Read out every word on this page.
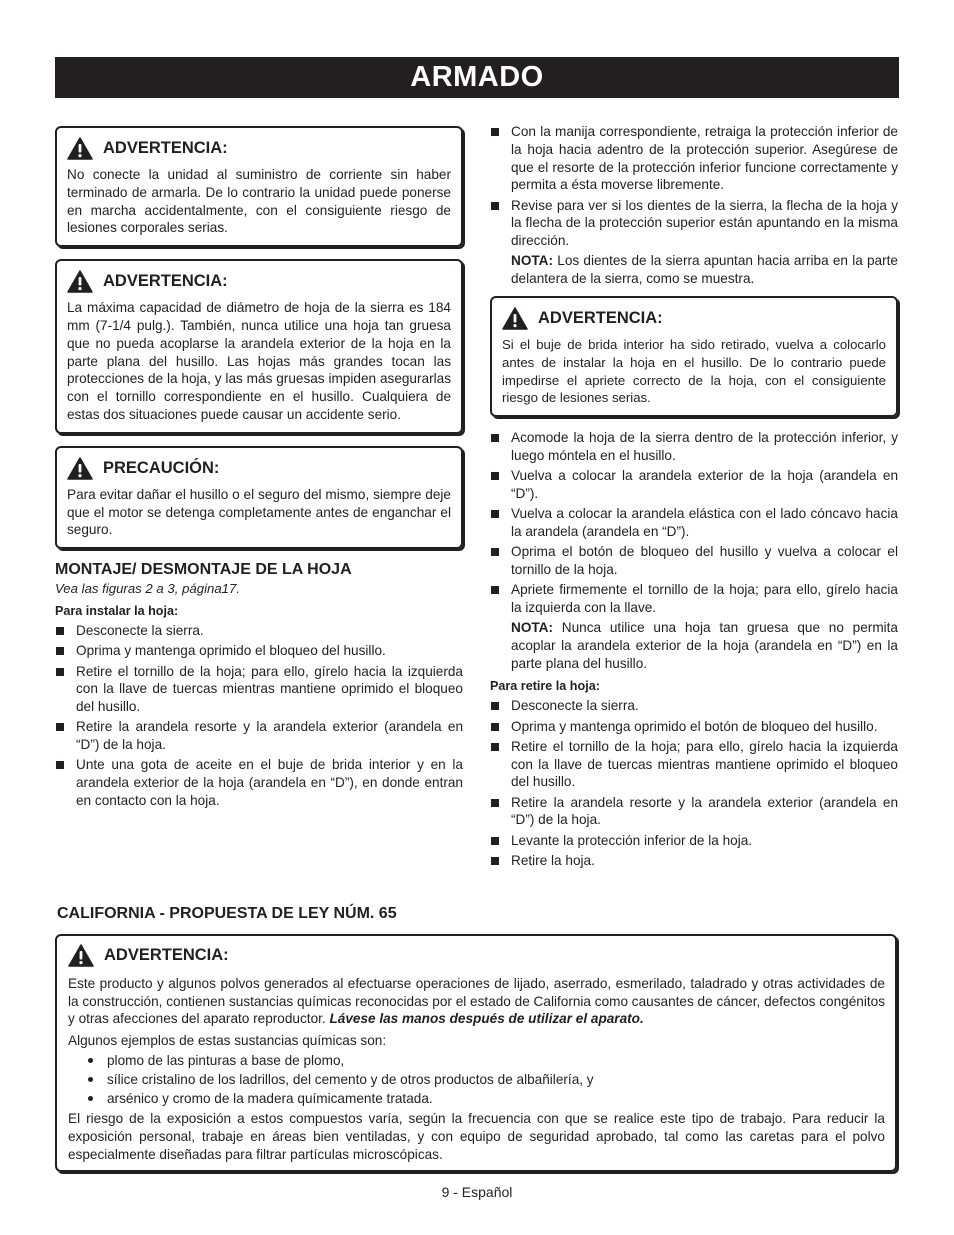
ARMADO
ADVERTENCIA:
No conecte la unidad al suministro de corriente sin haber terminado de armarla. De lo contrario la unidad puede ponerse en marcha accidentalmente, con el consiguiente riesgo de lesiones corporales serias.
ADVERTENCIA:
La máxima capacidad de diámetro de hoja de la sierra es 184 mm (7-1/4 pulg.). También, nunca utilice una hoja tan gruesa que no pueda acoplarse la arandela exterior de la hoja en la parte plana del husillo. Las hojas más grandes tocan las protecciones de la hoja, y las más gruesas impiden asegurarlas con el tornillo correspondiente en el husillo. Cualquiera de estas dos situaciones puede causar un accidente serio.
PRECAUCIÓN:
Para evitar dañar el husillo o el seguro del mismo, siempre deje que el motor se detenga completamente antes de enganchar el seguro.
MONTAJE/ DESMONTAJE DE LA HOJA
Vea las figuras 2 a 3, página17.
Para instalar la hoja:
Desconecte la sierra.
Oprima y mantenga oprimido el bloqueo del husillo.
Retire el tornillo de la hoja; para ello, gírelo hacia la izquierda con la llave de tuercas mientras mantiene oprimido el bloqueo del husillo.
Retire la arandela resorte y la arandela exterior (arandela en “D”) de la hoja.
Unte una gota de aceite en el buje de brida interior y en la arandela exterior de la hoja (arandela en “D”), en donde entran en contacto con la hoja.
Con la manija correspondiente, retraiga la protección inferior de la hoja hacia adentro de la protección superior. Asegúrese de que el resorte de la protección inferior funcione correctamente y permita a ésta moverse libremente.
Revise para ver si los dientes de la sierra, la flecha de la hoja y la flecha de la protección superior están apuntando en la misma dirección.
NOTA: Los dientes de la sierra apuntan hacia arriba en la parte delantera de la sierra, como se muestra.
ADVERTENCIA:
Si el buje de brida interior ha sido retirado, vuelva a colocarlo antes de instalar la hoja en el husillo. De lo contrario puede impedirse el apriete correcto de la hoja, con el consiguiente riesgo de lesiones serias.
Acomode la hoja de la sierra dentro de la protección inferior, y luego móntela en el husillo.
Vuelva a colocar la arandela exterior de la hoja (arandela en “D”).
Vuelva a colocar la arandela elástica con el lado cóncavo hacia la arandela (arandela en “D”).
Oprima el botón de bloqueo del husillo y vuelva a colocar el tornillo de la hoja.
Apriete firmemente el tornillo de la hoja; para ello, gírelo hacia la izquierda con la llave.
NOTA: Nunca utilice una hoja tan gruesa que no permita acoplar la arandela exterior de la hoja (arandela en “D”) en la parte plana del husillo.
Para retire la hoja:
Desconecte la sierra.
Oprima y mantenga oprimido el botón de bloqueo del husillo.
Retire el tornillo de la hoja; para ello, gírelo hacia la izquierda con la llave de tuercas mientras mantiene oprimido el bloqueo del husillo.
Retire la arandela resorte y la arandela exterior (arandela en “D”) de la hoja.
Levante la protección inferior de la hoja.
Retire la hoja.
CALIFORNIA - PROPUESTA DE LEY NÚM. 65
ADVERTENCIA:
Este producto y algunos polvos generados al efectuarse operaciones de lijado, aserrado, esmerilado, taladrado y otras actividades de la construcción, contienen sustancias químicas reconocidas por el estado de California como causantes de cáncer, defectos congénitos y otras afecciones del aparato reproductor. Lávese las manos después de utilizar el aparato.
Algunos ejemplos de estas sustancias químicas son:
plomo de las pinturas a base de plomo,
sílice cristalino de los ladrillos, del cemento y de otros productos de albañilería, y
arsénico y cromo de la madera químicamente tratada.
El riesgo de la exposición a estos compuestos varía, según la frecuencia con que se realice este tipo de trabajo. Para reducir la exposición personal, trabaje en áreas bien ventiladas, y con equipo de seguridad aprobado, tal como las caretas para el polvo especialmente diseñadas para filtrar partículas microscópicas.
9 - Español
